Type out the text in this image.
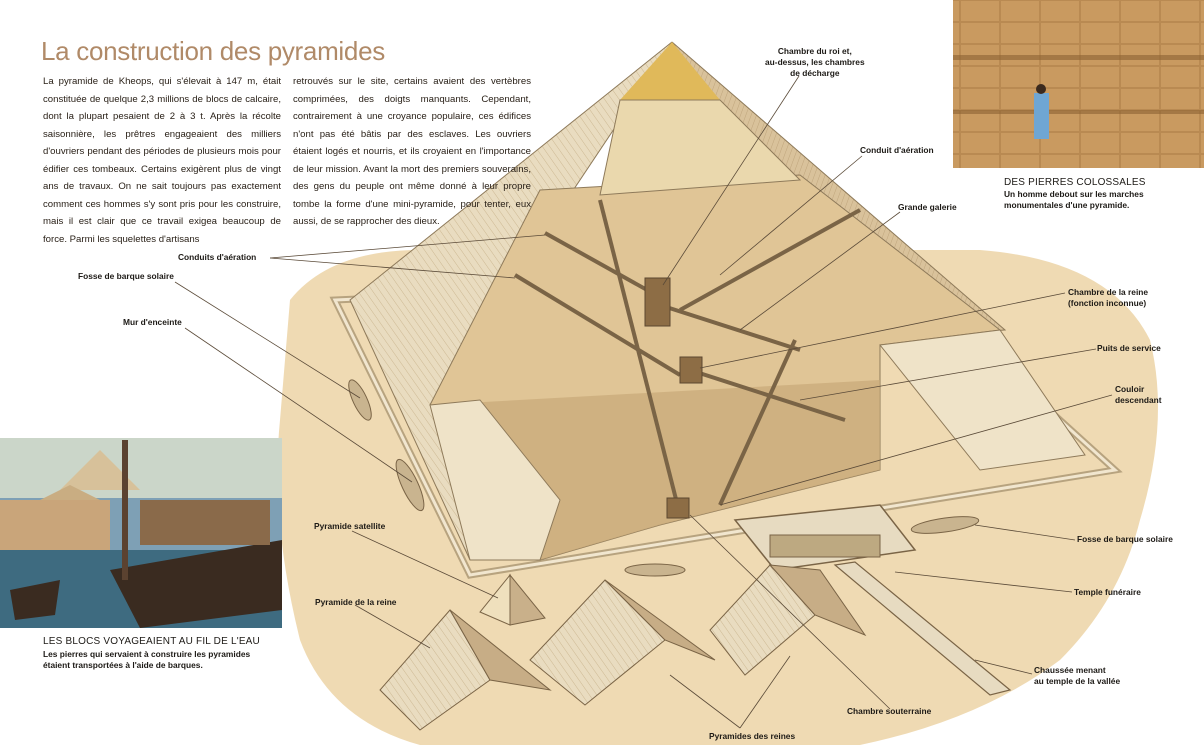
La construction des pyramides
La pyramide de Kheops, qui s'élevait à 147 m, était constituée de quelque 2,3 millions de blocs de calcaire, dont la plupart pesaient de 2 à 3 t. Après la récolte saisonnière, les prêtres engageaient des milliers d'ouvriers pendant des périodes de plusieurs mois pour édifier ces tombeaux. Certains exigèrent plus de vingt ans de travaux. On ne sait toujours pas exactement comment ces hommes s'y sont pris pour les construire, mais il est clair que ce travail exigea beaucoup de force. Parmi les squelettes d'artisans
retrouvés sur le site, certains avaient des vertèbres comprimées, des doigts manquants. Cependant, contrairement à une croyance populaire, ces édifices n'ont pas été bâtis par des esclaves. Les ouvriers étaient logés et nourris, et ils croyaient en l'importance de leur mission. Avant la mort des premiers souverains, des gens du peuple ont même donné à leur propre tombe la forme d'une mini-pyramide, pour tenter, eux aussi, de se rapprocher des dieux.
Chambre du roi et,
au-dessus, les chambres
de décharge
Conduit d'aération
Grande galerie
Conduits d'aération
Fosse de barque solaire
Mur d'enceinte
Chambre de la reine
(fonction inconnue)
Puits de service
Couloir
descendant
Fosse de barque solaire
Temple funéraire
Pyramide satellite
Pyramide de la reine
Chaussée menant
au temple de la vallée
Chambre souterraine
Pyramides des reines
DES PIERRES COLOSSALES
Un homme debout sur les marches
monumentales d'une pyramide.
LES BLOCS VOYAGEAIENT AU FIL DE L'EAU
Les pierres qui servaient à construire les pyramides
étaient transportées à l'aide de barques.
